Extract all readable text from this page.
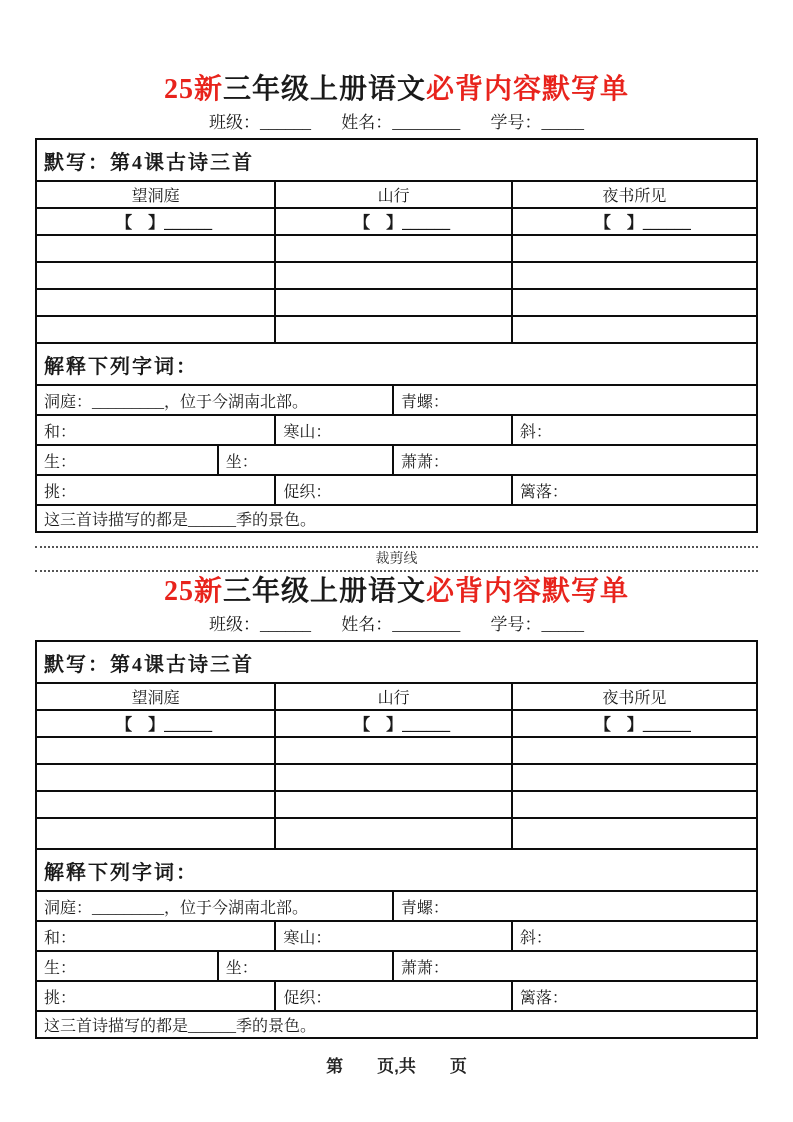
25新三年级上册语文必背内容默写单
班级：______ 姓名：________ 学号：_____
默写：第4课古诗三首				
望洞庭		山行		夜书所见
【　】______		【　】______		【　】______

解释下列字词：				
洞庭：_________，位于今湖南北部。			青螺：	
和：		寒山：		斜：
生：	坐：		萧萧：	
挑：		促织：		篱落：
这三首诗描写的都是______季的景色。				
裁剪线
25新三年级上册语文必背内容默写单
班级：______ 姓名：________ 学号：_____
默写：第4课古诗三首				
望洞庭		山行		夜书所见
【　】______		【　】______		【　】______

解释下列字词：				
洞庭：_________，位于今湖南北部。			青螺：	
和：		寒山：		斜：
生：	坐：		萧萧：	
挑：		促织：		篱落：
这三首诗描写的都是______季的景色。				
第　　页,共　　页
